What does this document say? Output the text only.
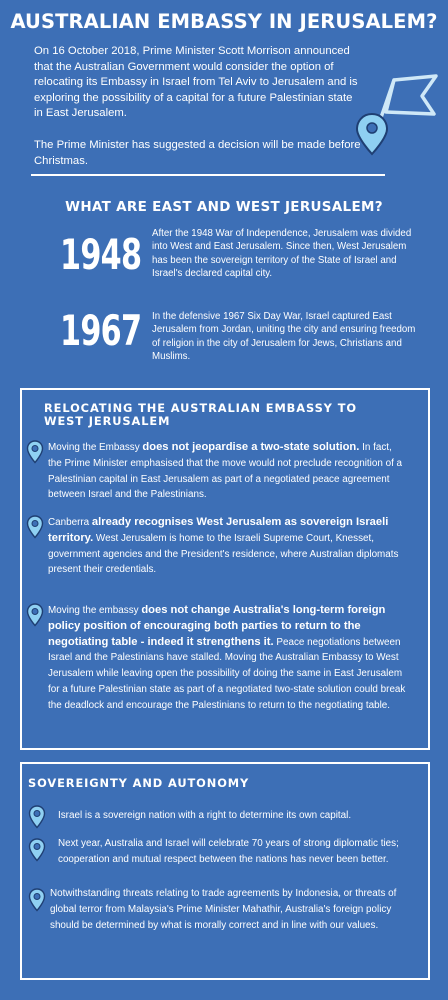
AUSTRALIAN EMBASSY IN JERUSALEM?

On 16 October 2018, Prime Minister Scott Morrison announced that the Australian Government would consider the option of relocating its Embassy in Israel from Tel Aviv to Jerusalem and is exploring the possibility of a capital for a future Palestinian state in East Jerusalem.

The Prime Minister has suggested a decision will be made before Christmas.

WHAT ARE EAST AND WEST JERUSALEM?
1948 After the 1948 War of Independence, Jerusalem was divided into West and East Jerusalem. Since then, West Jerusalem has been the sovereign territory of the State of Israel and Israel's declared capital city.
1967 In the defensive 1967 Six Day War, Israel captured East Jerusalem from Jordan, uniting the city and ensuring freedom of religion in the city of Jerusalem for Jews, Christians and Muslims.
RELOCATING THE AUSTRALIAN EMBASSY TO WEST JERUSALEM
Moving the Embassy does not jeopardise a two-state solution. In fact, the Prime Minister emphasised that the move would not preclude recognition of a Palestinian capital in East Jerusalem as part of a negotiated peace agreement between Israel and the Palestinians.
Canberra already recognises West Jerusalem as sovereign Israeli territory. West Jerusalem is home to the Israeli Supreme Court, Knesset, government agencies and the President's residence, where Australian diplomats present their credentials.
Moving the embassy does not change Australia's long-term foreign policy position of encouraging both parties to return to the negotiating table - indeed it strengthens it. Peace negotiations between Israel and the Palestinians have stalled. Moving the Australian Embassy to West Jerusalem while leaving open the possibility of doing the same in East Jerusalem for a future Palestinian state as part of a negotiated two-state solution could break the deadlock and encourage the Palestinians to return to the negotiating table.
SOVEREIGNTY AND AUTONOMY
Israel is a sovereign nation with a right to determine its own capital.
Next year, Australia and Israel will celebrate 70 years of strong diplomatic ties; cooperation and mutual respect between the nations has never been better.
Notwithstanding threats relating to trade agreements by Indonesia, or threats of global terror from Malaysia's Prime Minister Mahathir, Australia's foreign policy should be determined by what is morally correct and in line with our values.
